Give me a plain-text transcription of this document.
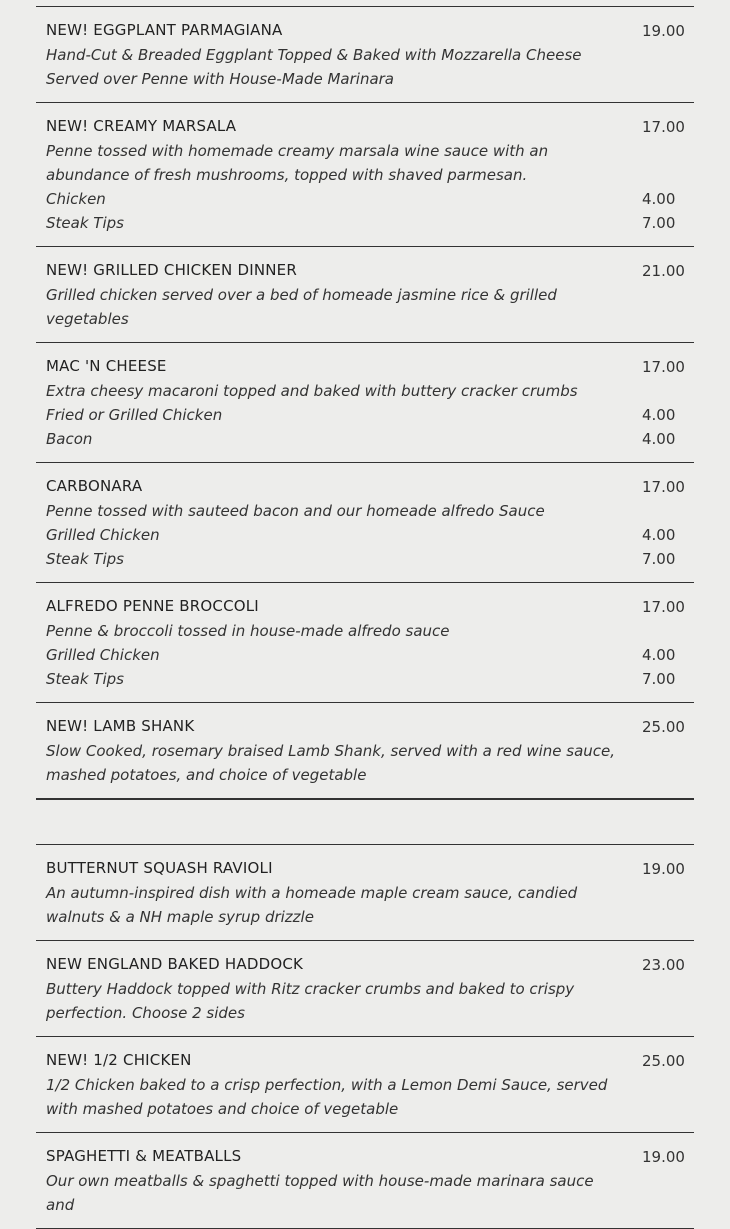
NEW! EGGPLANT PARMAGIANA
Hand-Cut & Breaded Eggplant Topped & Baked with Mozzarella Cheese Served over Penne with House-Made Marinara
19.00
NEW! CREAMY MARSALA
Penne tossed with homemade creamy marsala wine sauce with an abundance of fresh mushrooms, topped with shaved parmesan.
17.00
Chicken	4.00
Steak Tips	7.00
NEW! GRILLED CHICKEN DINNER
Grilled chicken served over a bed of homeade jasmine rice & grilled vegetables
21.00
MAC 'N CHEESE
Extra cheesy macaroni topped and baked with buttery cracker crumbs
17.00
Fried or Grilled Chicken	4.00
Bacon	4.00
CARBONARA
Penne tossed with sauteed bacon and our homeade alfredo Sauce
17.00
Grilled Chicken	4.00
Steak Tips	7.00
ALFREDO PENNE BROCCOLI
Penne & broccoli tossed in house-made alfredo sauce
17.00
Grilled Chicken	4.00
Steak Tips	7.00
NEW! LAMB SHANK
Slow Cooked, rosemary braised Lamb Shank, served with a red wine sauce, mashed potatoes, and choice of vegetable
25.00
BUTTERNUT SQUASH RAVIOLI
An autumn-inspired dish with a homeade maple cream sauce, candied walnuts & a NH maple syrup drizzle
19.00
NEW ENGLAND BAKED HADDOCK
Buttery Haddock topped with Ritz cracker crumbs and baked to crispy perfection. Choose 2 sides
23.00
NEW! 1/2 CHICKEN
1/2 Chicken baked to a crisp perfection, with a Lemon Demi Sauce, served with mashed potatoes and choice of vegetable
25.00
SPAGHETTI & MEATBALLS
Our own meatballs & spaghetti topped with house-made marinara sauce and
19.00
